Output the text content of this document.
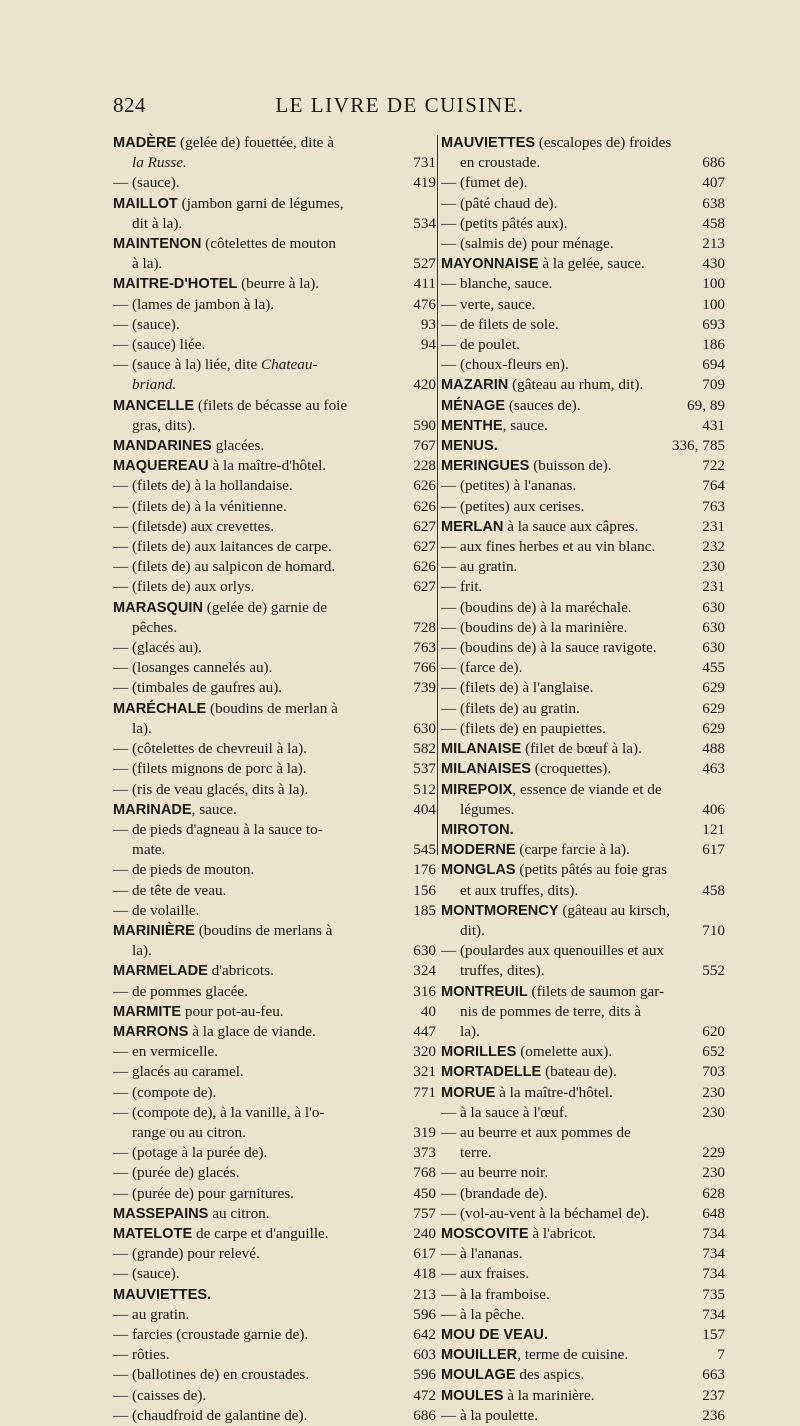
824	LE LIVRE DE CUISINE.
MADÈRE (gelée de) fouettée, dite à
la Russe.	731
— (sauce).	419
MAILLOT (jambon garni de légumes,
dit à la).	534
MAINTENON (côtelettes de mouton
à la).	527
MAITRE-D'HOTEL (beurre à la).	411
— (lames de jambon à la).	476
— (sauce).	93
— (sauce) liée.	94
— (sauce à la) liée, dite Chateau-
briand.	420
MANCELLE (filets de bécasse au foie
gras, dits).	590
MANDARINES glacées.	767
MAQUEREAU à la maître-d'hôtel.	228
— (filets de) à la hollandaise.	626
— (filets de) à la vénitienne.	626
— (filetsde) aux crevettes.	627
— (filets de) aux laitances de carpe.	627
— (filets de) au salpicon de homard.	626
— (filets de) aux orlys.	627
MARASQUIN (gelée de) garnie de
pêches.	728
— (glacés au).	763
— (losanges cannelés au).	766
— (timbales de gaufres au).	739
MARÉCHALE (boudins de merlan à
la).	630
— (côtelettes de chevreuil à la).	582
— (filets mignons de porc à la).	537
— (ris de veau glacés, dits à la).	512
MARINADE, sauce.	404
— de pieds d'agneau à la sauce to-
mate.	545
— de pieds de mouton.	176
— de tête de veau.	156
— de volaille.	185
MARINIÈRE (boudins de merlans à
la).	630
MARMELADE d'abricots.	324
— de pommes glacée.	316
MARMITE pour pot-au-feu.	40
MARRONS à la glace de viande.	447
— en vermicelle.	320
— glacés au caramel.	321
— (compote de).	771
— (compote de), à la vanille, à l'o-
range ou au citron.	319
— (potage à la purée de).	373
— (purée de) glacés.	768
— (purée de) pour garnitures.	450
MASSEPAINS au citron.	757
MATELOTE de carpe et d'anguille.	240
— (grande) pour relevé.	617
— (sauce).	418
MAUVIETTES.	213
— au gratin.	596
— farcies (croustade garnie de).	642
— rôties.	603
— (ballotines de) en croustades.	596
— (caisses de).	472
— (chaudfroid de galantine de).	686
MAUVIETTES (escalopes de) froides
en croustade.	686
— (fumet de).	407
— (pâté chaud de).	638
— (petits pâtés aux).	458
— (salmis de) pour ménage.	213
MAYONNAISE à la gelée, sauce.	430
— blanche, sauce.	100
— verte, sauce.	100
— de filets de sole.	693
— de poulet.	186
— (choux-fleurs en).	694
MAZARIN (gâteau au rhum, dit).	709
MÉNAGE (sauces de).	69, 89
MENTHE, sauce.	431
MENUS.	336, 785
MERINGUES (buisson de).	722
— (petites) à l'ananas.	764
— (petites) aux cerises.	763
MERLAN à la sauce aux câpres.	231
— aux fines herbes et au vin blanc.	232
— au gratin.	230
— frit.	231
— (boudins de) à la maréchale.	630
— (boudins de) à la marinière.	630
— (boudins de) à la sauce ravigote.	630
— (farce de).	455
— (filets de) à l'anglaise.	629
— (filets de) au gratin.	629
— (filets de) en paupiettes.	629
MILANAISE (filet de bœuf à la).	488
MILANAISES (croquettes).	463
MIREPOIX, essence de viande et de
légumes.	406
MIROTON.	121
MODERNE (carpe farcie à la).	617
MONGLAS (petits pâtés au foie gras
et aux truffes, dits).	458
MONTMORENCY (gâteau au kirsch,
dit).	710
— (poulardes aux quenouilles et aux
truffes, dites).	552
MONTREUIL (filets de saumon gar-
nis de pommes de terre, dits à
la).	620
MORILLES (omelette aux).	652
MORTADELLE (bateau de).	703
MORUE à la maître-d'hôtel.	230
— à la sauce à l'œuf.	230
— au beurre et aux pommes de
terre.	229
— au beurre noir.	230
— (brandade de).	628
— (vol-au-vent à la béchamel de).	648
MOSCOVITE à l'abricot.	734
— à l'ananas.	734
— aux fraises.	734
— à la framboise.	735
— à la pêche.	734
MOU DE VEAU.	157
MOUILLER, terme de cuisine.	7
MOULAGE des aspics.	663
MOULES à la marinière.	237
— à la poulette.	236
